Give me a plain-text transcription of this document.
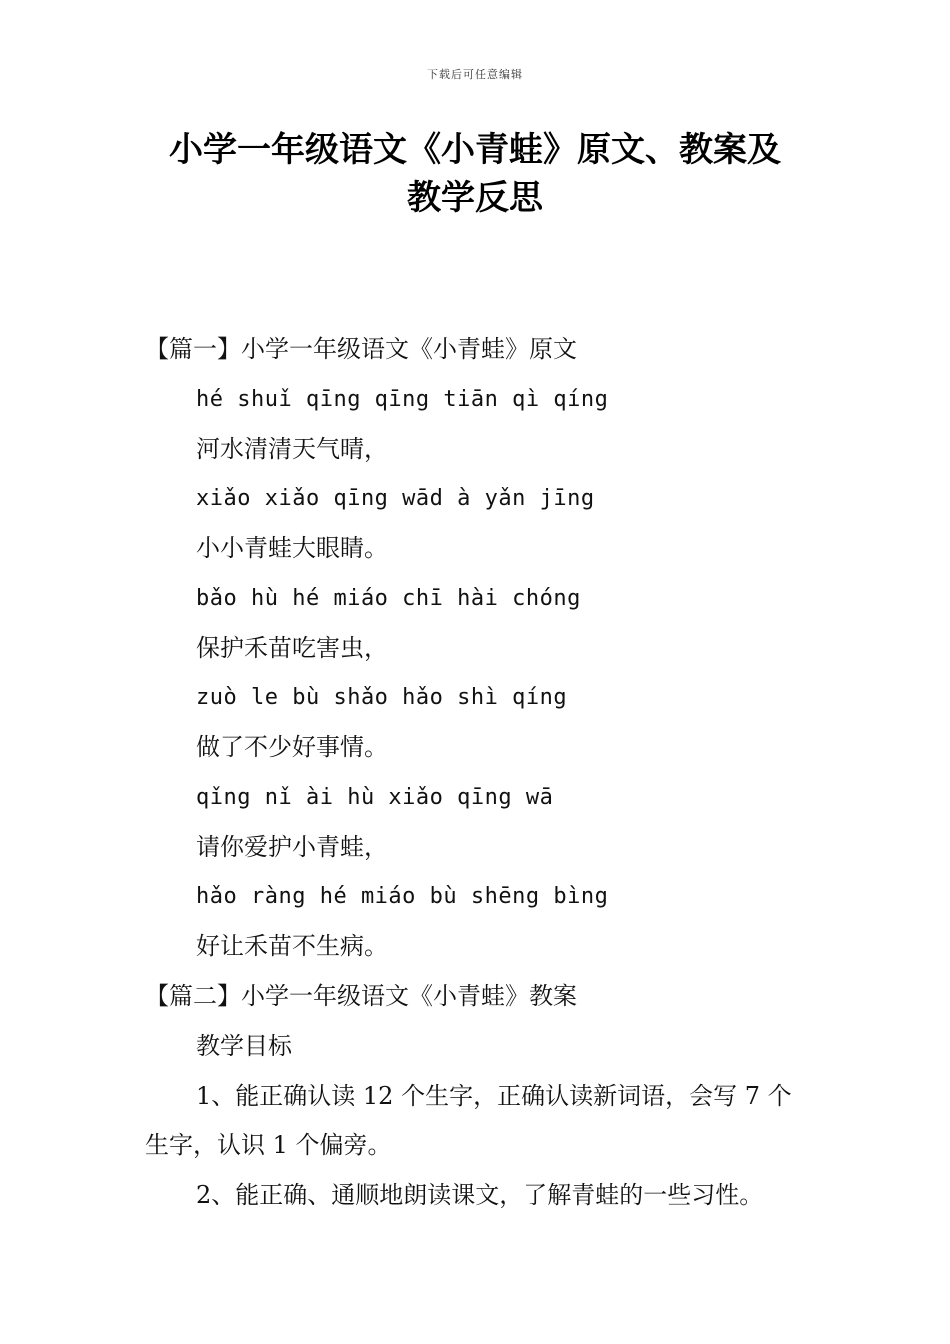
下载后可任意编辑
小学一年级语文《小青蛙》原文、教案及
教学反思
【篇一】小学一年级语文《小青蛙》原文
hé shuǐ qīng qīng tiān qì qíng
河水清清天气晴，
xiǎo xiǎo qīng wād à yǎn jīng
小小青蛙大眼睛。
bǎo hù hé miáo chī hài chóng
保护禾苗吃害虫，
zuò le bù shǎo hǎo shì qíng
做了不少好事情。
qǐng nǐ ài hù xiǎo qīng wā
请你爱护小青蛙，
hǎo ràng hé miáo bù shēng bìng
好让禾苗不生病。
【篇二】小学一年级语文《小青蛙》教案
教学目标
1、能正确认读 12 个生字，正确认读新词语，会写 7 个
生字，认识 1 个偏旁。
2、能正确、通顺地朗读课文，了解青蛙的一些习性。
